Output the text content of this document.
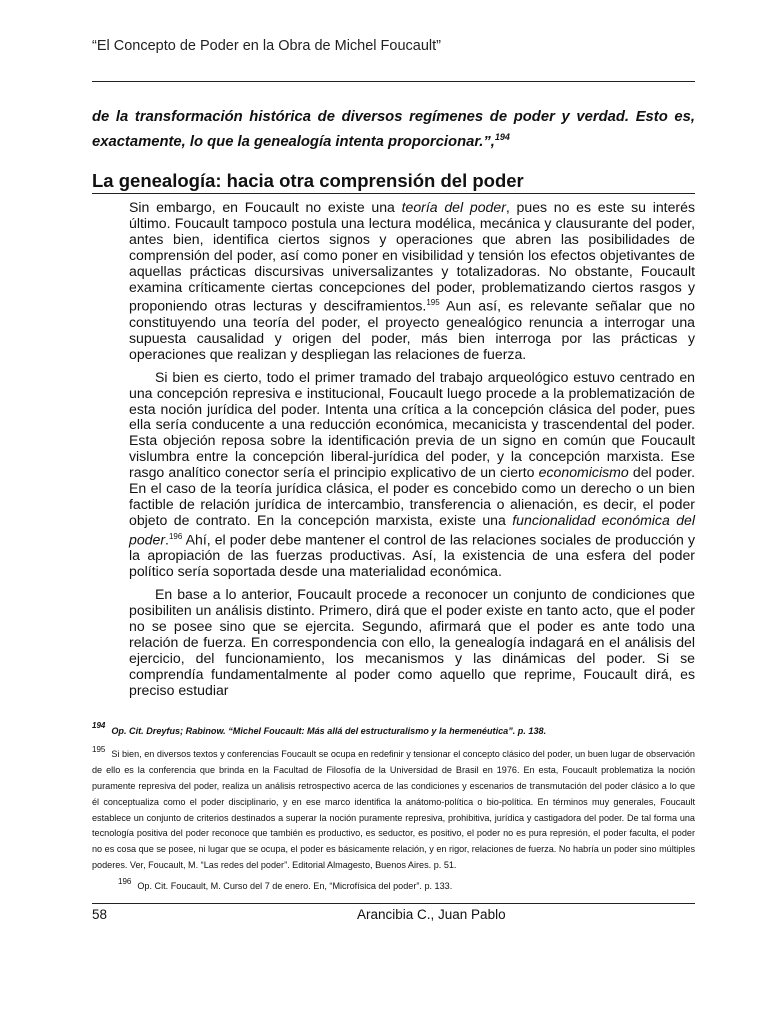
“El Concepto de Poder en la Obra de Michel Foucault”
de la transformación histórica de diversos regímenes de poder y verdad. Esto es, exactamente, lo que la genealogía intenta proporcionar.”,$^{194}$
La genealogía: hacia otra comprensión del poder

Sin embargo, en Foucault no existe una teoría del poder, pues no es este su interés último. Foucault tampoco postula una lectura modélica, mecánica y clausurante del poder, antes bien, identifica ciertos signos y operaciones que abren las posibilidades de comprensión del poder, así como poner en visibilidad y tensión los efectos objetivantes de aquellas prácticas discursivas universalizantes y totalizadoras. No obstante, Foucault examina críticamente ciertas concepciones del poder, problematizando ciertos rasgos y proponiendo otras lecturas y desciframientos.$^{195}$ Aun así, es relevante señalar que no constituyendo una teoría del poder, el proyecto genealógico renuncia a interrogar una supuesta causalidad y origen del poder, más bien interroga por las prácticas y operaciones que realizan y despliegan las relaciones de fuerza.

Si bien es cierto, todo el primer tramado del trabajo arqueológico estuvo centrado en una concepción represiva e institucional, Foucault luego procede a la problematización de esta noción jurídica del poder. Intenta una crítica a la concepción clásica del poder, pues ella sería conducente a una reducción económica, mecanicista y trascendental del poder. Esta objeción reposa sobre la identificación previa de un signo en común que Foucault vislumbra entre la concepción liberal-jurídica del poder, y la concepción marxista. Ese rasgo analítico conector sería el principio explicativo de un cierto economicismo del poder. En el caso de la teoría jurídica clásica, el poder es concebido como un derecho o un bien factible de relación jurídica de intercambio, transferencia o alienación, es decir, el poder objeto de contrato. En la concepción marxista, existe una funcionalidad económica del poder.$^{196}$ Ahí, el poder debe mantener el control de las relaciones sociales de producción y la apropiación de las fuerzas productivas. Así, la existencia de una esfera del poder político sería soportada desde una materialidad económica.

En base a lo anterior, Foucault procede a reconocer un conjunto de condiciones que posibiliten un análisis distinto. Primero, dirá que el poder existe en tanto acto, que el poder no se posee sino que se ejercita. Segundo, afirmará que el poder es ante todo una relación de fuerza. En correspondencia con ello, la genealogía indagará en el análisis del ejercicio, del funcionamiento, los mecanismos y las dinámicas del poder. Si se comprendía fundamentalmente al poder como aquello que reprime, Foucault dirá, es preciso estudiar

194Op. Cit. Dreyfus; Rabinow. “Michel Foucault: Más allá del estructuralismo y la hermenéutica”. p. 138.
195 Si bien, en diversos textos y conferencias Foucault se ocupa en redefinir y tensionar el concepto clásico del poder, un buen lugar de observación de ello es la conferencia que brinda en la Facultad de Filosofía de la Universidad de Brasil en 1976. En esta, Foucault problematiza la noción puramente represiva del poder, realiza un análisis retrospectivo acerca de las condiciones y escenarios de transmutación del poder clásico a lo que él conceptualiza como el poder disciplinario, y en ese marco identifica la anátomo-política o bio-política. En términos muy generales, Foucault establece un conjunto de criterios destinados a superar la noción puramente represiva, prohibitiva, jurídica y castigadora del poder. De tal forma una tecnología positiva del poder reconoce que también es productivo, es seductor, es positivo, el poder no es pura represión, el poder faculta, el poder no es cosa que se posee, ni lugar que se ocupa, el poder es básicamente relación, y en rigor, relaciones de fuerza. No habría un poder sino múltiples poderes. Ver, Foucault, M. “Las redes del poder”. Editorial Almagesto, Buenos Aires. p. 51.
196 Op. Cit. Foucault, M. Curso del 7 de enero. En, “Microfísica del poder”. p. 133.
58	Arancibia C., Juan Pablo
